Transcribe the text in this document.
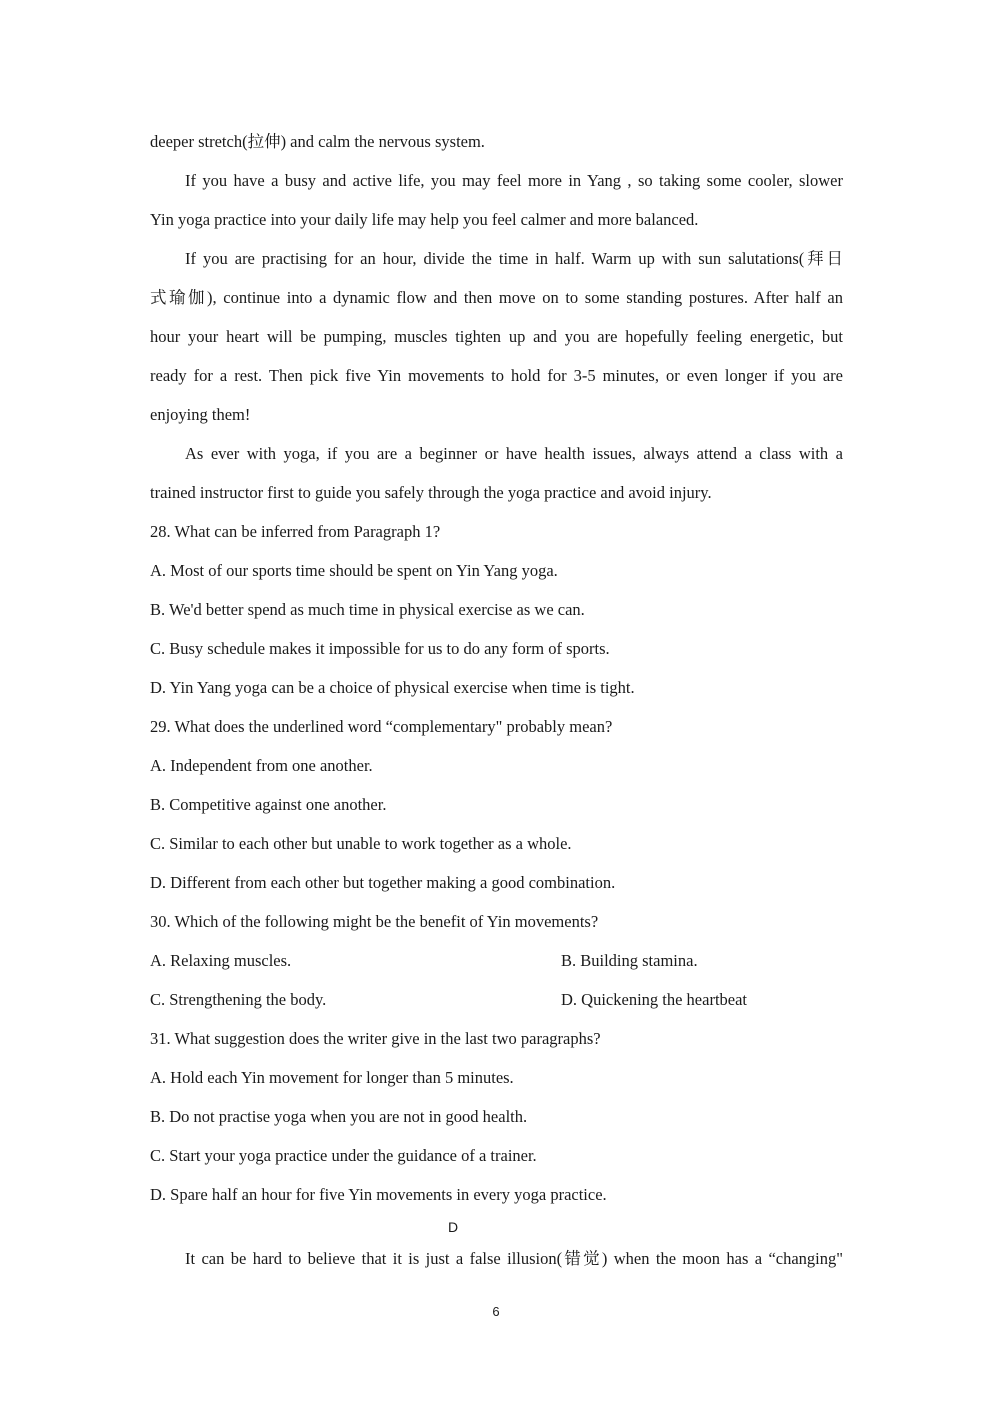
deeper stretch(拉伸) and calm the nervous system.
If you have a busy and active life, you may feel more in Yang , so taking some cooler, slower
Yin yoga practice into your daily life may help you feel calmer and more balanced.
If you are practising for an hour, divide the time in half. Warm up with sun salutations(拜日
式瑜伽), continue into a dynamic flow and then move on to some standing postures. After half an
hour your heart will be pumping, muscles tighten up and you are hopefully feeling energetic, but
ready for a rest. Then pick five Yin movements to hold for 3-5 minutes, or even longer if you are
enjoying them!
As ever with yoga, if you are a beginner or have health issues, always attend a class with a
trained instructor first to guide you safely through the yoga practice and avoid injury.
28. What can be inferred from Paragraph 1?
A. Most of our sports time should be spent on Yin Yang yoga.
B. We'd better spend as much time in physical exercise as we can.
C. Busy schedule makes it impossible for us to do any form of sports.
D. Yin Yang yoga can be a choice of physical exercise when time is tight.
29. What does the underlined word “complementary" probably mean?
A. Independent from one another.
B. Competitive against one another.
C. Similar to each other but unable to work together as a whole.
D. Different from each other but together making a good combination.
30. Which of the following might be the benefit of Yin movements?
A. Relaxing muscles.	B. Building stamina.
C. Strengthening the body.	D. Quickening the heartbeat
31. What suggestion does the writer give in the last two paragraphs?
A. Hold each Yin movement for longer than 5 minutes.
B. Do not practise yoga when you are not in good health.
C. Start your yoga practice under the guidance of a trainer.
D. Spare half an hour for five Yin movements in every yoga practice.
D
It can be hard to believe that it is just a false illusion(错觉) when the moon has a “changing"
6
